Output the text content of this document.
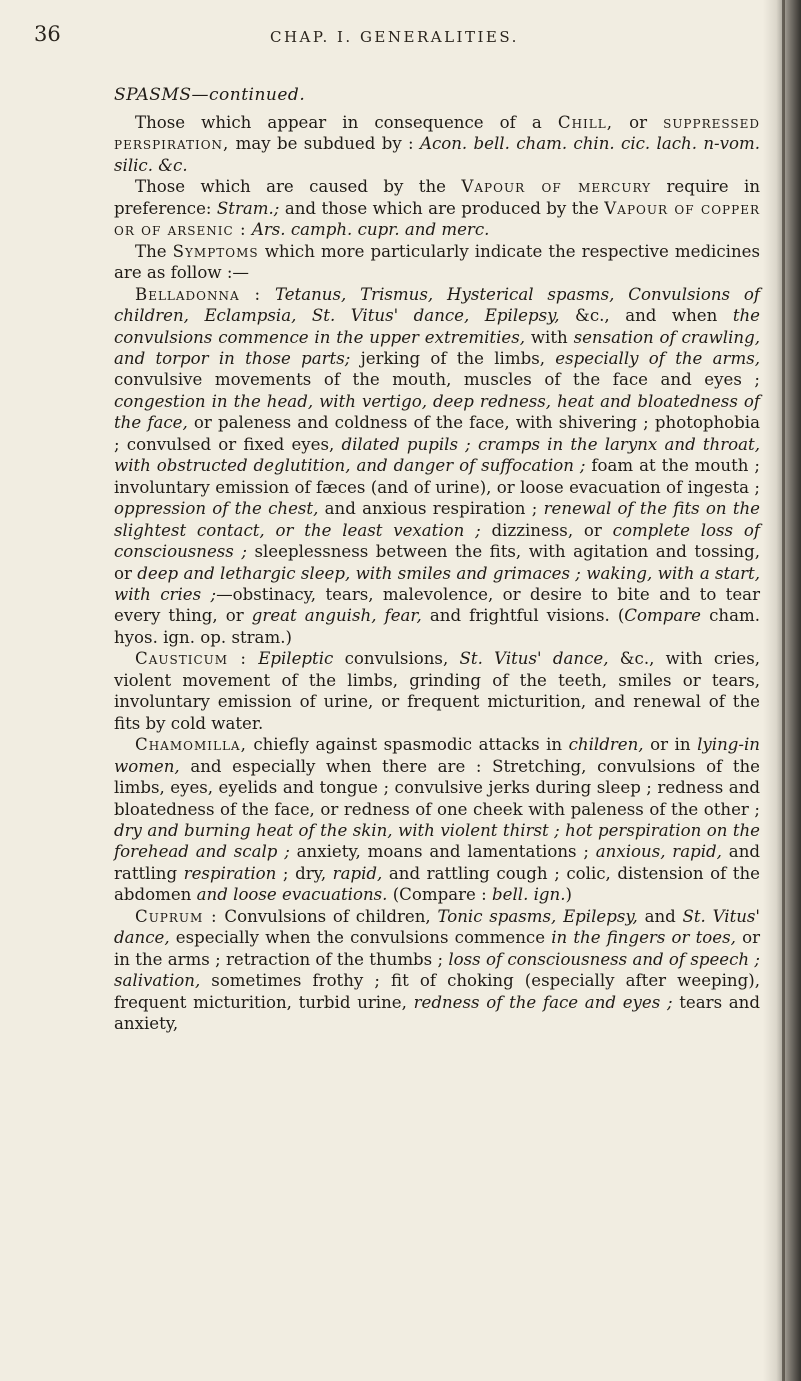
36	CHAP. I. GENERALITIES.
SPASMS—continued.

Those which appear in consequence of a Chill, or suppressed perspiration, may be subdued by : Acon. bell. cham. chin. cic. lach. n-vom. silic. &c.

Those which are caused by the Vapour of mercury require in preference: Stram.; and those which are produced by the Vapour of copper or of arsenic : Ars. camph. cupr. and merc.

The Symptoms which more particularly indicate the respective medicines are as follow :—

Belladonna : Tetanus, Trismus, Hysterical spasms, Convulsions of children, Eclampsia, St. Vitus' dance, Epilepsy, &c., and when the convulsions commence in the upper extremities, with sensation of crawling, and torpor in those parts; jerking of the limbs, especially of the arms, convulsive movements of the mouth, muscles of the face and eyes ; congestion in the head, with vertigo, deep redness, heat and bloatedness of the face, or paleness and coldness of the face, with shivering ; photophobia ; convulsed or fixed eyes, dilated pupils ; cramps in the larynx and throat, with obstructed deglutition, and danger of suffocation ; foam at the mouth ; involuntary emission of fæces (and of urine), or loose evacuation of ingesta ; oppression of the chest, and anxious respiration ; renewal of the fits on the slightest contact, or the least vexation ; dizziness, or complete loss of consciousness ; sleeplessness between the fits, with agitation and tossing, or deep and lethargic sleep, with smiles and grimaces ; waking, with a start, with cries ;—obstinacy, tears, malevolence, or desire to bite and to tear every thing, or great anguish, fear, and frightful visions. (Compare cham. hyos. ign. op. stram.)

Causticum : Epileptic convulsions, St. Vitus' dance, &c., with cries, violent movement of the limbs, grinding of the teeth, smiles or tears, involuntary emission of urine, or frequent micturition, and renewal of the fits by cold water.

Chamomilla, chiefly against spasmodic attacks in children, or in lying-in women, and especially when there are : Stretching, convulsions of the limbs, eyes, eyelids and tongue ; convulsive jerks during sleep ; redness and bloatedness of the face, or redness of one cheek with paleness of the other ; dry and burning heat of the skin, with violent thirst ; hot perspiration on the forehead and scalp ; anxiety, moans and lamentations ; anxious, rapid, and rattling respiration ; dry, rapid, and rattling cough ; colic, distension of the abdomen and loose evacuations. (Compare : bell. ign.)

Cuprum : Convulsions of children, Tonic spasms, Epilepsy, and St. Vitus' dance, especially when the convulsions commence in the fingers or toes, or in the arms ; retraction of the thumbs ; loss of consciousness and of speech ; salivation, sometimes frothy ; fit of choking (especially after weeping), frequent micturition, turbid urine, redness of the face and eyes ; tears and anxiety,
